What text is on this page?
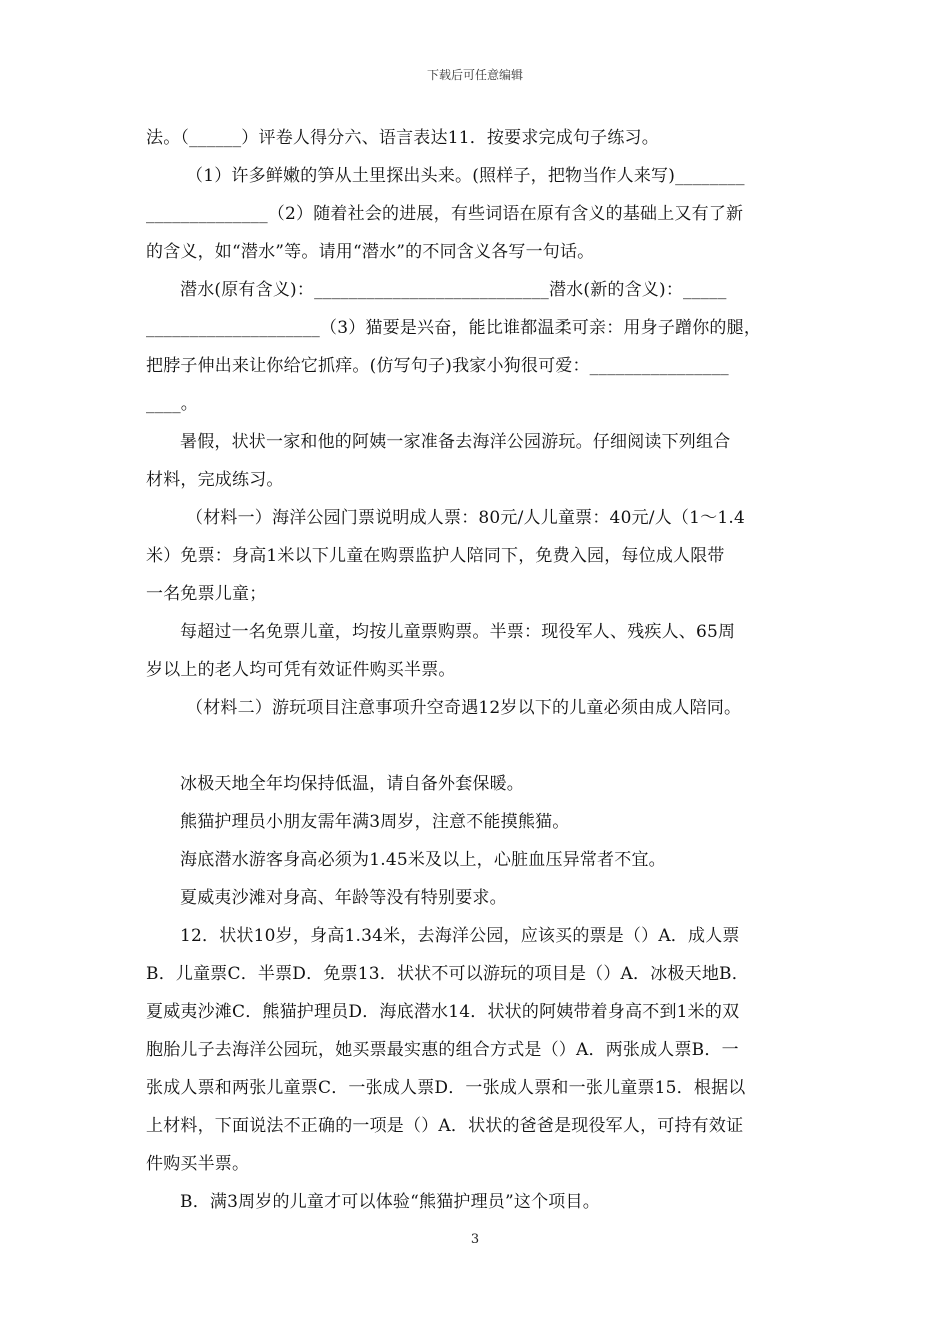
下载后可任意编辑
法。（______）评卷人得分六、语言表达11．按要求完成句子练习。
（1）许多鲜嫩的笋从土里探出头来。(照样子，把物当作人来写)________
______________（2）随着社会的进展，有些词语在原有含义的基础上又有了新
的含义，如“潜水”等。请用“潜水”的不同含义各写一句话。
潜水(原有含义)：___________________________潜水(新的含义)：_____
____________________（3）猫要是兴奋，能比谁都温柔可亲：用身子蹭你的腿，
把脖子伸出来让你给它抓痒。(仿写句子)我家小狗很可爱：________________
____。
暑假，状状一家和他的阿姨一家准备去海洋公园游玩。仔细阅读下列组合
材料，完成练习。
（材料一）海洋公园门票说明成人票：80元/人儿童票：40元/人（1～1.4
米）免票：身高1米以下儿童在购票监护人陪同下，免费入园，每位成人限带
一名免票儿童；
每超过一名免票儿童，均按儿童票购票。半票：现役军人、残疾人、65周
岁以上的老人均可凭有效证件购买半票。
（材料二）游玩项目注意事项升空奇遇12岁以下的儿童必须由成人陪同。
冰极天地全年均保持低温，请自备外套保暖。
熊猫护理员小朋友需年满3周岁，注意不能摸熊猫。
海底潜水游客身高必须为1.45米及以上，心脏血压异常者不宜。
夏威夷沙滩对身高、年龄等没有特别要求。
12．状状10岁，身高1.34米，去海洋公园，应该买的票是（）A．成人票
B．儿童票C．半票D．免票13．状状不可以游玩的项目是（）A．冰极天地B．
夏威夷沙滩C．熊猫护理员D．海底潜水14．状状的阿姨带着身高不到1米的双
胞胎儿子去海洋公园玩，她买票最实惠的组合方式是（）A．两张成人票B．一
张成人票和两张儿童票C．一张成人票D．一张成人票和一张儿童票15．根据以
上材料，下面说法不正确的一项是（）A．状状的爸爸是现役军人，可持有效证
件购买半票。
B．满3周岁的儿童才可以体验“熊猫护理员”这个项目。
3
